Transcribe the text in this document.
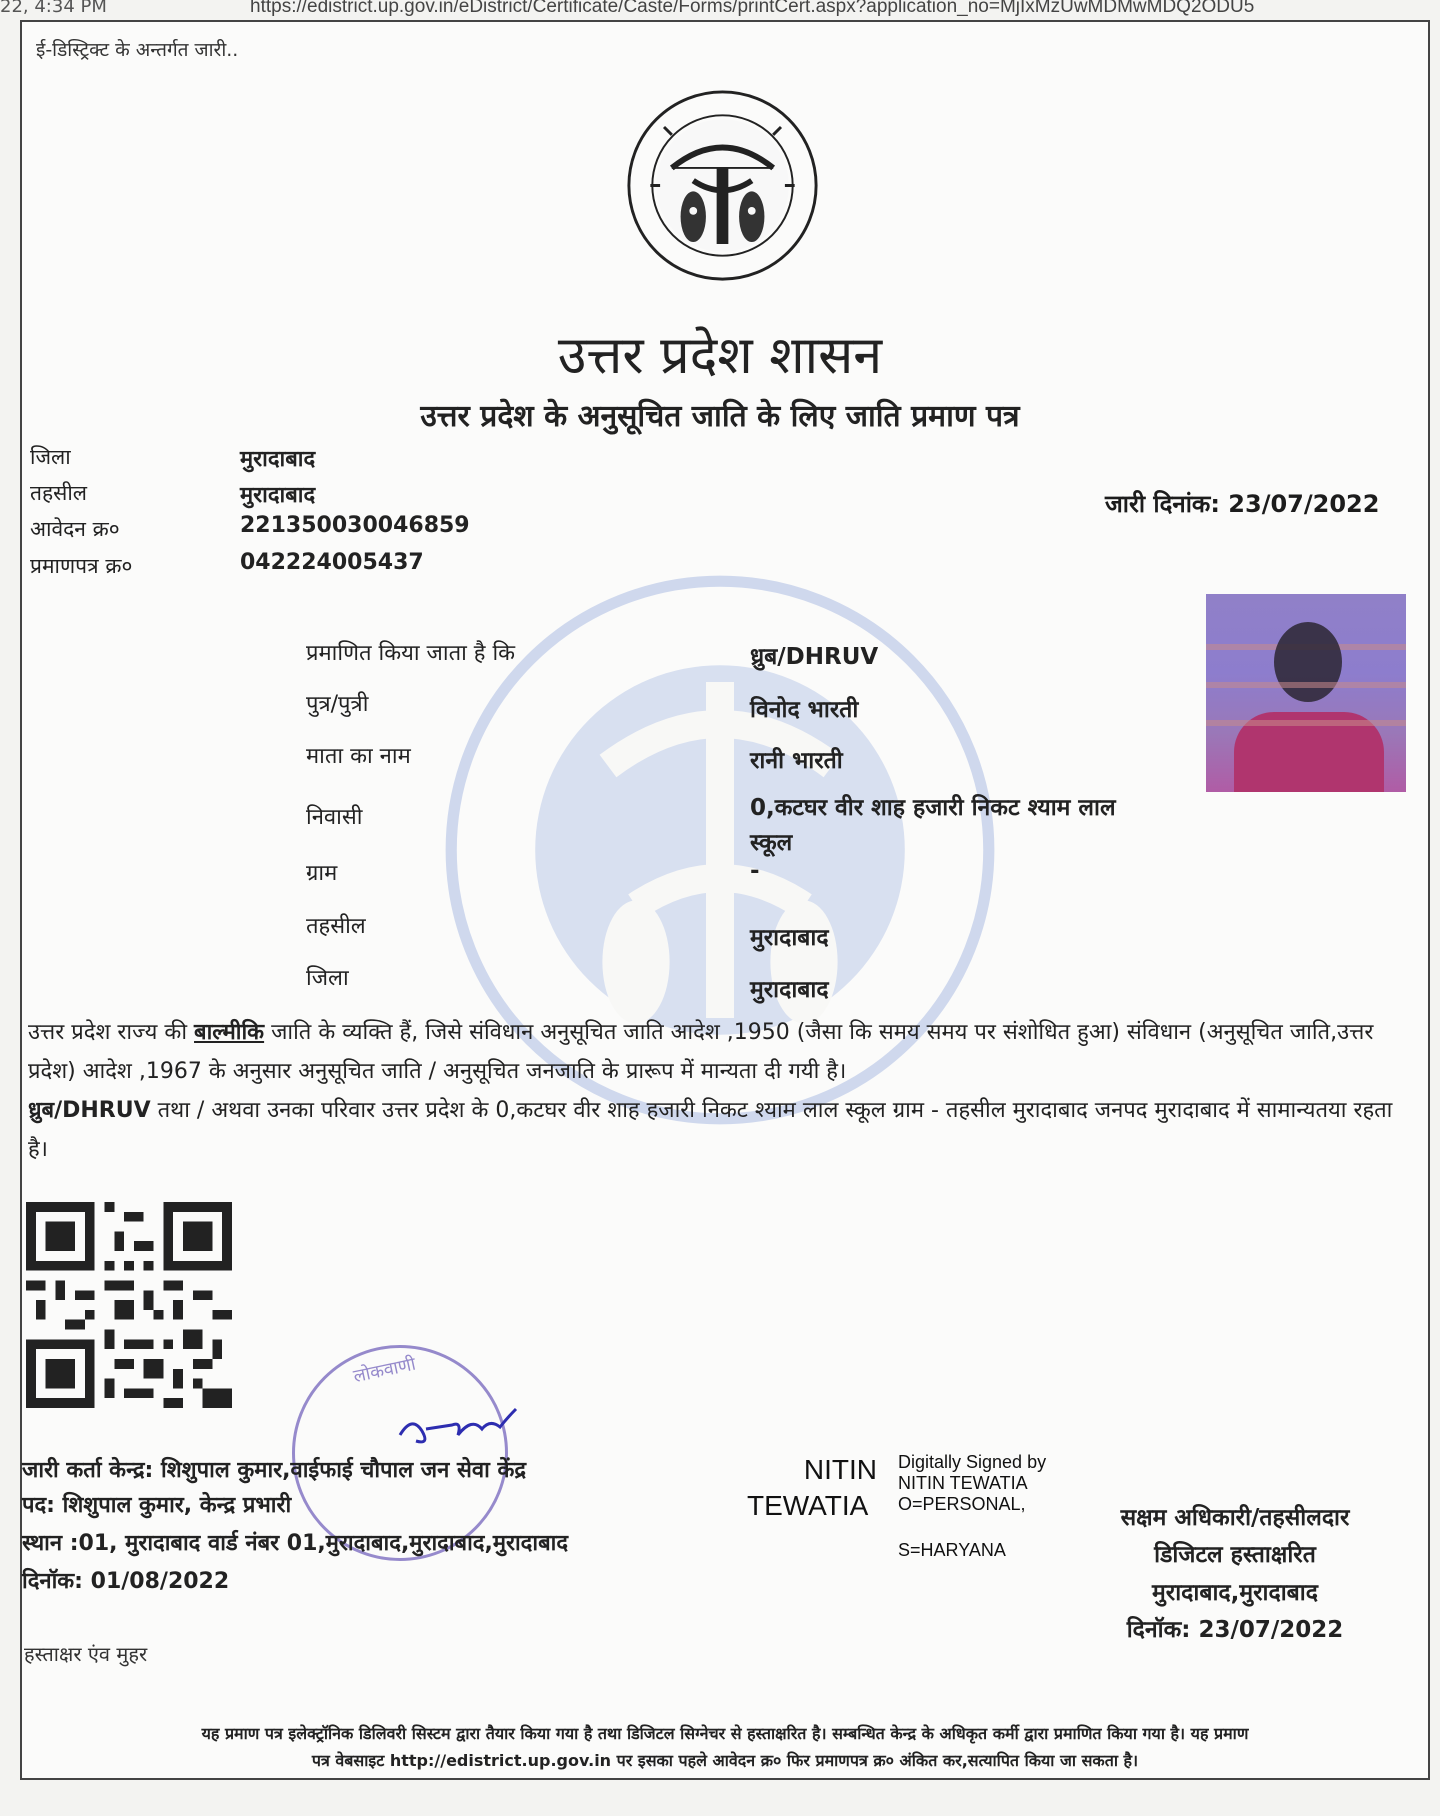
22, 4:34 PM	https://edistrict.up.gov.in/eDistrict/Certificate/Caste/Forms/printCert.aspx?application_no=MjIxMzUwMDMwMDQ2ODU5
ई-डिस्ट्रिक्ट के अन्तर्गत जारी..
उत्तर प्रदेश शासन
उत्तर प्रदेश के अनुसूचित जाति के लिए जाति प्रमाण पत्र
जिला	मुरादाबाद
तहसील	मुरादाबाद
आवेदन क्र०	221350030046859
प्रमाणपत्र क्र०	042224005437
जारी दिनांक: 23/07/2022
प्रमाणित किया जाता है कि	ध्रुब/DHRUV
पुत्र/पुत्री	विनोद भारती
माता का नाम	रानी भारती
निवासी	0,कटघर वीर शाह हजारी निकट श्याम लाल
स्कूल
ग्राम	-
तहसील	मुरादाबाद
जिला	मुरादाबाद
उत्तर प्रदेश राज्य की बाल्मीकि जाति के व्यक्ति हैं, जिसे संविधान अनुसूचित जाति आदेश ,1950 (जैसा कि समय समय पर संशोधित हुआ) संविधान (अनुसूचित जाति,उत्तर प्रदेश) आदेश ,1967 के अनुसार अनुसूचित जाति / अनुसूचित जनजाति के प्रारूप में मान्यता दी गयी है।
ध्रुब/DHRUV तथा / अथवा उनका परिवार उत्तर प्रदेश के 0,कटघर वीर शाह हजारी निकट श्याम लाल स्कूल ग्राम - तहसील मुरादाबाद जनपद मुरादाबाद में सामान्यतया रहता है।
लोकवाणी
जारी कर्ता केन्द्र: शिशुपाल कुमार,वाईफाई चौपाल जन सेवा केंद्र
पद: शिशुपाल कुमार, केन्द्र प्रभारी
स्थान :01, मुरादाबाद वार्ड नंबर 01,मुरादाबाद,मुरादाबाद,मुरादाबाद
दिनॉक: 01/08/2022
हस्ताक्षर एंव मुहर
NITIN
TEWATIA
Digitally Signed by
NITIN TEWATIA
O=PERSONAL,
S=HARYANA
सक्षम अधिकारी/तहसीलदार
डिजिटल हस्ताक्षरित
मुरादाबाद,मुरादाबाद
दिनॉक: 23/07/2022
यह प्रमाण पत्र इलेक्ट्रॉनिक डिलिवरी सिस्टम द्वारा तैयार किया गया है तथा डिजिटल सिग्नेचर से हस्ताक्षरित है। सम्बन्धित केन्द्र के अधिकृत कर्मी द्वारा प्रमाणित किया गया है। यह प्रमाण
पत्र वेबसाइट http://edistrict.up.gov.in पर इसका पहले आवेदन क्र० फिर प्रमाणपत्र क्र० अंकित कर,सत्यापित किया जा सकता है।
